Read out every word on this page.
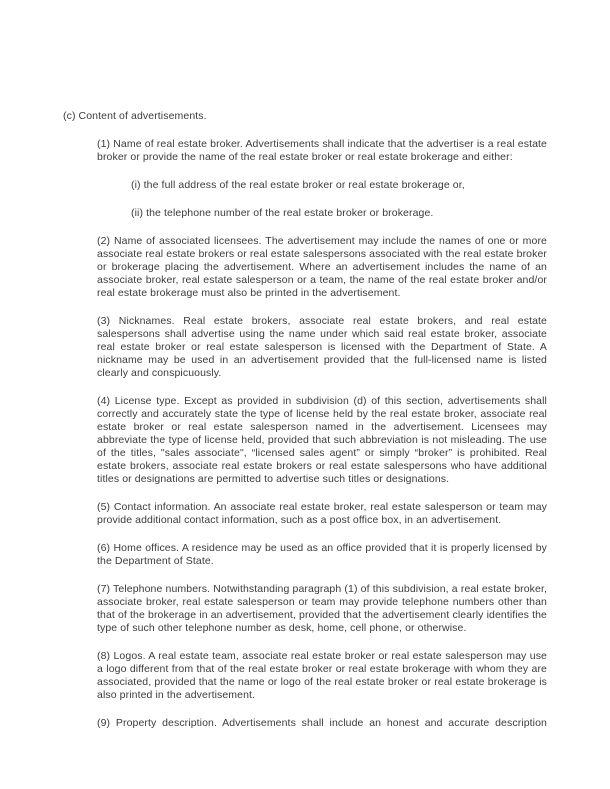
(c) Content of advertisements.

(1) Name of real estate broker. Advertisements shall indicate that the advertiser is a real estate broker or provide the name of the real estate broker or real estate brokerage and either:

(i) the full address of the real estate broker or real estate brokerage or,

(ii) the telephone number of the real estate broker or brokerage.

(2) Name of associated licensees. The advertisement may include the names of one or more associate real estate brokers or real estate salespersons associated with the real estate broker or brokerage placing the advertisement. Where an advertisement includes the name of an associate broker, real estate salesperson or a team, the name of the real estate broker and/or real estate brokerage must also be printed in the advertisement.

(3) Nicknames. Real estate brokers, associate real estate brokers, and real estate salespersons shall advertise using the name under which said real estate broker, associate real estate broker or real estate salesperson is licensed with the Department of State. A nickname may be used in an advertisement provided that the full-licensed name is listed clearly and conspicuously.

(4) License type. Except as provided in subdivision (d) of this section, advertisements shall correctly and accurately state the type of license held by the real estate broker, associate real estate broker or real estate salesperson named in the advertisement. Licensees may abbreviate the type of license held, provided that such abbreviation is not misleading. The use of the titles, "sales associate", “licensed sales agent” or simply “broker” is prohibited. Real estate brokers, associate real estate brokers or real estate salespersons who have additional titles or designations are permitted to advertise such titles or designations.

(5) Contact information. An associate real estate broker, real estate salesperson or team may provide additional contact information, such as a post office box, in an advertisement.

(6) Home offices. A residence may be used as an office provided that it is properly licensed by the Department of State.

(7) Telephone numbers. Notwithstanding paragraph (1) of this subdivision, a real estate broker, associate broker, real estate salesperson or team may provide telephone numbers other than that of the brokerage in an advertisement, provided that the advertisement clearly identifies the type of such other telephone number as desk, home, cell phone, or otherwise.

(8) Logos. A real estate team, associate real estate broker or real estate salesperson may use a logo different from that of the real estate broker or real estate brokerage with whom they are associated, provided that the name or logo of the real estate broker or real estate brokerage is also printed in the advertisement.

(9) Property description. Advertisements shall include an honest and accurate description
